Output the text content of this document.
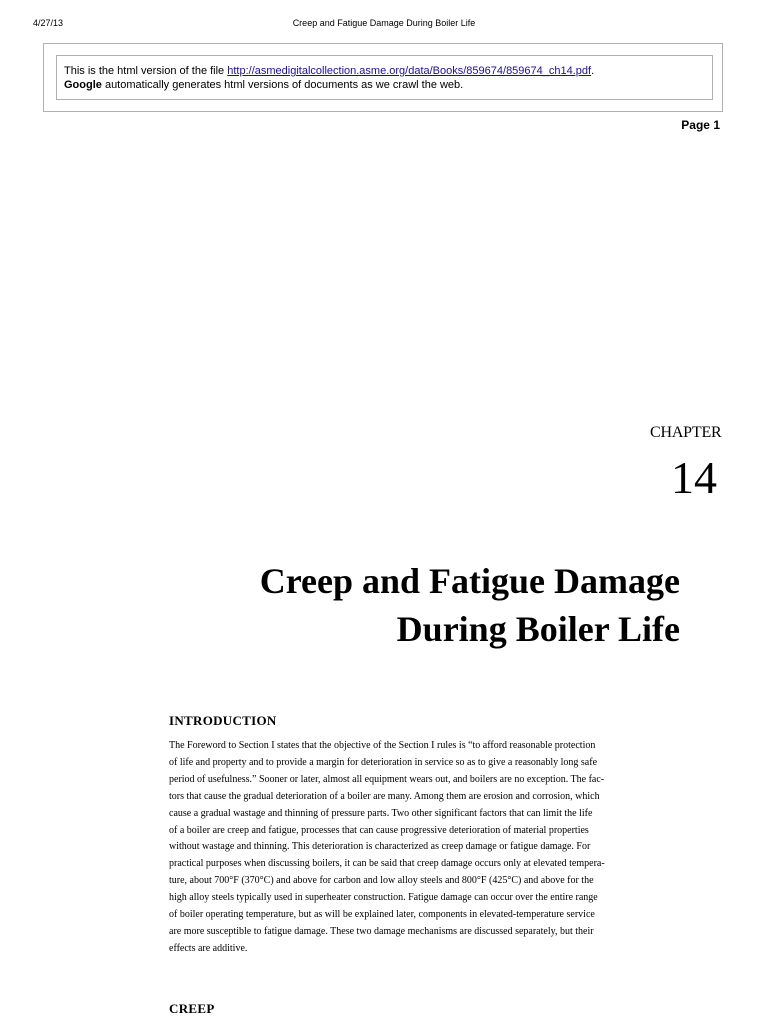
4/27/13	Creep and Fatigue Damage During Boiler Life
This is the html version of the file http://asmedigitalcollection.asme.org/data/Books/859674/859674_ch14.pdf.
Google automatically generates html versions of documents as we crawl the web.
Page 1
CHAPTER
14
Creep and Fatigue Damage
During Boiler Life
INTRODUCTION
The Foreword to Section I states that the objective of the Section I rules is “to afford reasonable protection
of life and property and to provide a margin for deterioration in service so as to give a reasonably long safe
period of usefulness.” Sooner or later, almost all equipment wears out, and boilers are no exception. The fac-
tors that cause the gradual deterioration of a boiler are many. Among them are erosion and corrosion, which
cause a gradual wastage and thinning of pressure parts. Two other significant factors that can limit the life
of a boiler are creep and fatigue, processes that can cause progressive deterioration of material properties
without wastage and thinning. This deterioration is characterized as creep damage or fatigue damage. For
practical purposes when discussing boilers, it can be said that creep damage occurs only at elevated tempera-
ture, about 700°F (370°C) and above for carbon and low alloy steels and 800°F (425°C) and above for the
high alloy steels typically used in superheater construction. Fatigue damage can occur over the entire range
of boiler operating temperature, but as will be explained later, components in elevated-temperature service
are more susceptible to fatigue damage. These two damage mechanisms are discussed separately, but their
effects are additive.
CREEP
